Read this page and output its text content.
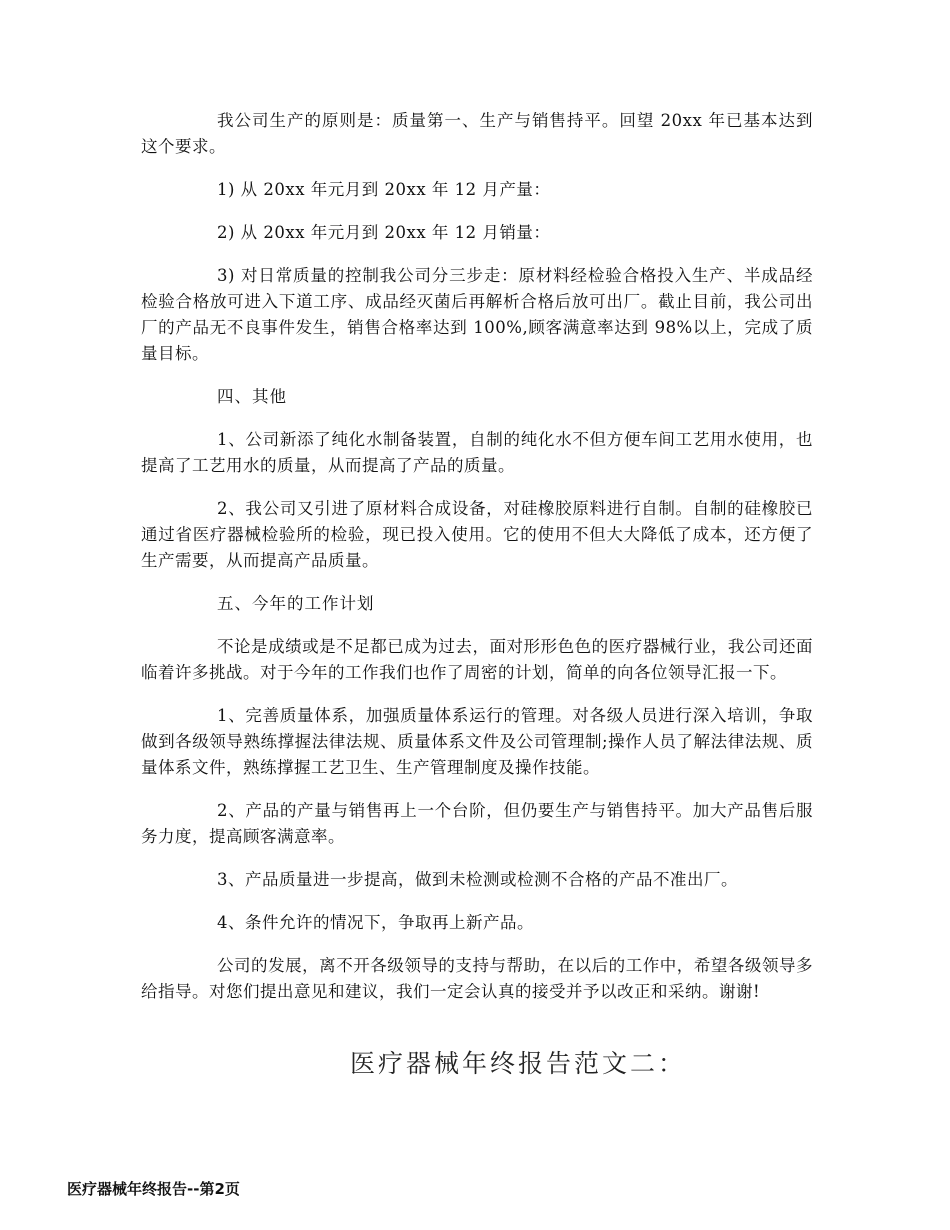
我公司生产的原则是：质量第一、生产与销售持平。回望 20xx 年已基本达到这个要求。

1) 从 20xx 年元月到 20xx 年 12 月产量：

2) 从 20xx 年元月到 20xx 年 12 月销量：

3) 对日常质量的控制我公司分三步走：原材料经检验合格投入生产、半成品经检验合格放可进入下道工序、成品经灭菌后再解析合格后放可出厂。截止目前，我公司出厂的产品无不良事件发生，销售合格率达到 100%,顾客满意率达到 98%以上，完成了质量目标。

四、其他

1、公司新添了纯化水制备装置，自制的纯化水不但方便车间工艺用水使用，也提高了工艺用水的质量，从而提高了产品的质量。

2、我公司又引进了原材料合成设备，对硅橡胶原料进行自制。自制的硅橡胶已通过省医疗器械检验所的检验，现已投入使用。它的使用不但大大降低了成本，还方便了生产需要，从而提高产品质量。

五、今年的工作计划

不论是成绩或是不足都已成为过去，面对形形色色的医疗器械行业，我公司还面临着许多挑战。对于今年的工作我们也作了周密的计划，简单的向各位领导汇报一下。

1、完善质量体系，加强质量体系运行的管理。对各级人员进行深入培训，争取做到各级领导熟练撑握法律法规、质量体系文件及公司管理制;操作人员了解法律法规、质量体系文件，熟练撑握工艺卫生、生产管理制度及操作技能。

2、产品的产量与销售再上一个台阶，但仍要生产与销售持平。加大产品售后服务力度，提高顾客满意率。

3、产品质量进一步提高，做到未检测或检测不合格的产品不准出厂。

4、条件允许的情况下，争取再上新产品。

公司的发展，离不开各级领导的支持与帮助，在以后的工作中，希望各级领导多给指导。对您们提出意见和建议，我们一定会认真的接受并予以改正和采纳。谢谢!

医疗器械年终报告范文二：
医疗器械年终报告--第2页
